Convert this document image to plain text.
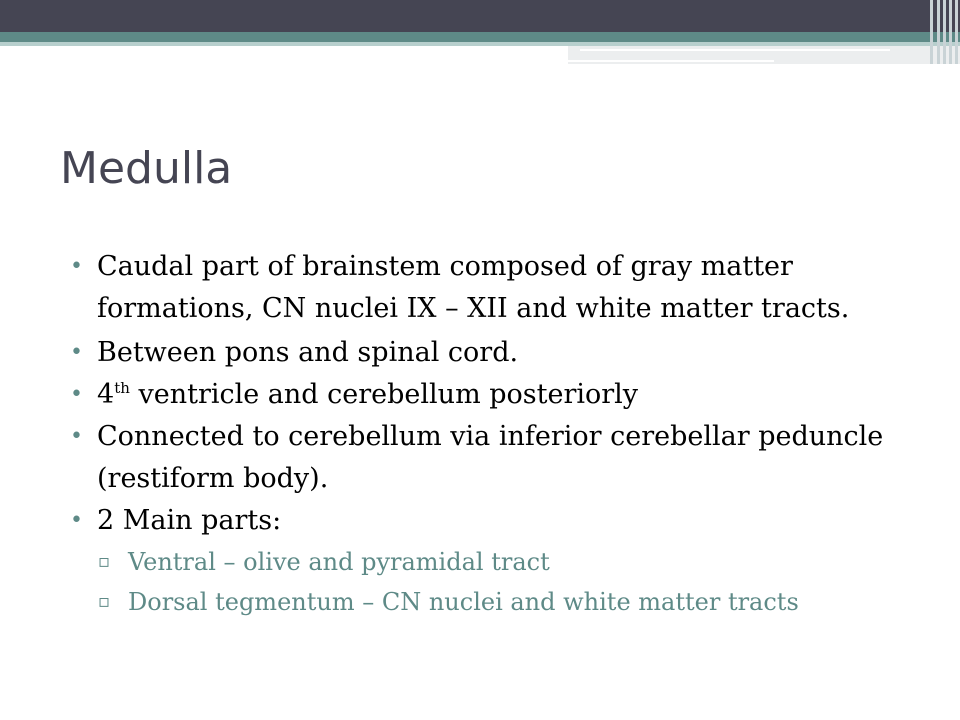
Medulla
• Caudal part of brainstem composed of gray matter formations, CN nuclei IX – XII and white matter tracts.
• Between pons and spinal cord.
• 4th ventricle and cerebellum posteriorly
• Connected to cerebellum via inferior cerebellar peduncle (restiform body).
• 2 Main parts:
▫ Ventral – olive and pyramidal tract
▫ Dorsal tegmentum – CN nuclei and white matter tracts
